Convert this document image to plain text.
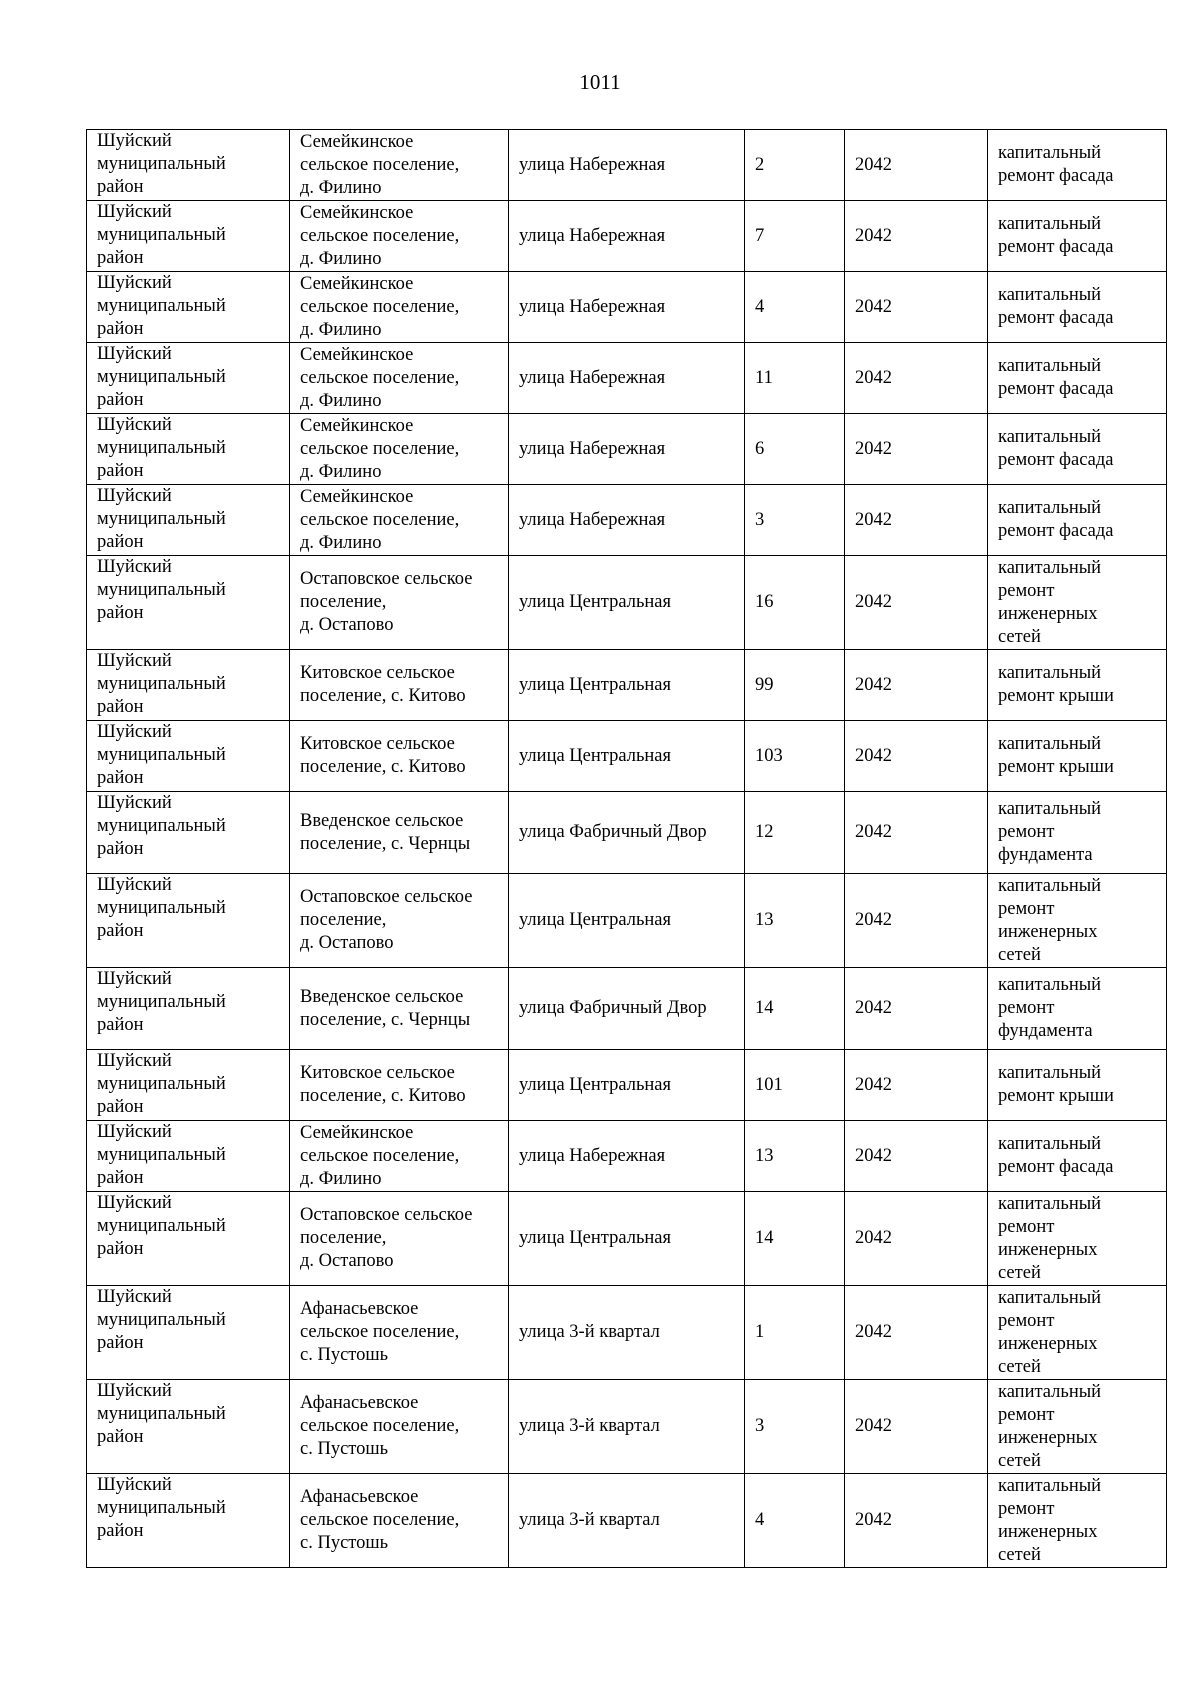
1011
Шуйский
муниципальный
район	Семейкинское
сельское поселение,
д. Филино	улица Набережная	2	2042	капитальный
ремонт фасада
Шуйский
муниципальный
район	Семейкинское
сельское поселение,
д. Филино	улица Набережная	7	2042	капитальный
ремонт фасада
Шуйский
муниципальный
район	Семейкинское
сельское поселение,
д. Филино	улица Набережная	4	2042	капитальный
ремонт фасада
Шуйский
муниципальный
район	Семейкинское
сельское поселение,
д. Филино	улица Набережная	11	2042	капитальный
ремонт фасада
Шуйский
муниципальный
район	Семейкинское
сельское поселение,
д. Филино	улица Набережная	6	2042	капитальный
ремонт фасада
Шуйский
муниципальный
район	Семейкинское
сельское поселение,
д. Филино	улица Набережная	3	2042	капитальный
ремонт фасада
Шуйский
муниципальный
район	Остаповское сельское
поселение,
д. Остапово	улица Центральная	16	2042	капитальный
ремонт
инженерных
сетей
Шуйский
муниципальный
район	Китовское сельское
поселение, с. Китово	улица Центральная	99	2042	капитальный
ремонт крыши
Шуйский
муниципальный
район	Китовское сельское
поселение, с. Китово	улица Центральная	103	2042	капитальный
ремонт крыши
Шуйский
муниципальный
район	Введенское сельское
поселение, с. Чернцы	улица Фабричный Двор	12	2042	капитальный
ремонт
фундамента
Шуйский
муниципальный
район	Остаповское сельское
поселение,
д. Остапово	улица Центральная	13	2042	капитальный
ремонт
инженерных
сетей
Шуйский
муниципальный
район	Введенское сельское
поселение, с. Чернцы	улица Фабричный Двор	14	2042	капитальный
ремонт
фундамента
Шуйский
муниципальный
район	Китовское сельское
поселение, с. Китово	улица Центральная	101	2042	капитальный
ремонт крыши
Шуйский
муниципальный
район	Семейкинское
сельское поселение,
д. Филино	улица Набережная	13	2042	капитальный
ремонт фасада
Шуйский
муниципальный
район	Остаповское сельское
поселение,
д. Остапово	улица Центральная	14	2042	капитальный
ремонт
инженерных
сетей
Шуйский
муниципальный
район	Афанасьевское
сельское поселение,
с. Пустошь	улица 3-й квартал	1	2042	капитальный
ремонт
инженерных
сетей
Шуйский
муниципальный
район	Афанасьевское
сельское поселение,
с. Пустошь	улица 3-й квартал	3	2042	капитальный
ремонт
инженерных
сетей
Шуйский
муниципальный
район	Афанасьевское
сельское поселение,
с. Пустошь	улица 3-й квартал	4	2042	капитальный
ремонт
инженерных
сетей
